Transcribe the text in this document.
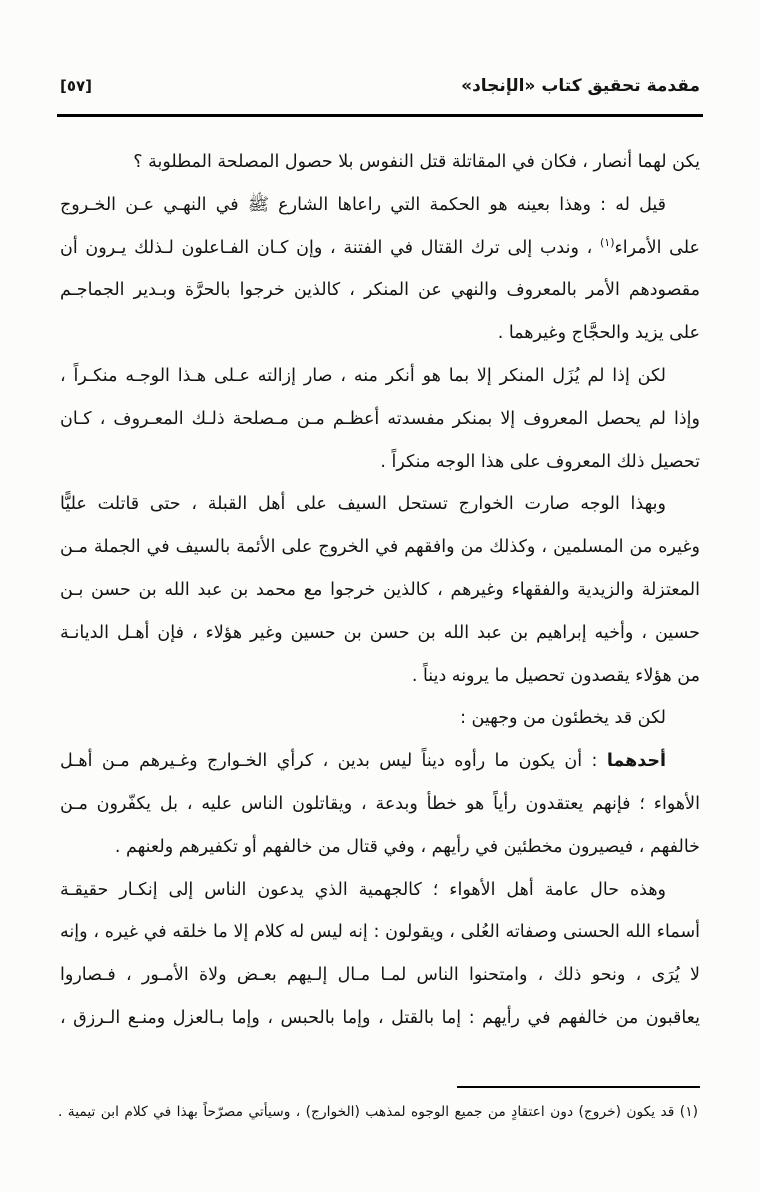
مقدمة تحقيق كتاب «الإنجاد»
[٥٧]
يكن لهما أنصار ، فكان في المقاتلة قتل النفوس بلا حصول المصلحة المطلوبة ؟
قيل له : وهذا بعينه هو الحكمة التي راعاها الشارع ﷺ في النهـي عـن الخـروج
على الأمراء$^{(١)}$ ، وندب إلى ترك القتال في الفتنة ، وإن كـان الفـاعلون لـذلك يـرون أن
مقصودهم الأمر بالمعروف والنهي عن المنكر ، كالذين خرجوا بالحرَّة وبـدير الجماجـم
على يزيد والحجَّاج وغيرهما .
لكن إذا لم يُزَل المنكر إلا بما هو أنكر منه ، صار إزالته عـلى هـذا الوجـه منكـراً ،
وإذا لم يحصل المعروف إلا بمنكر مفسدته أعظـم مـن مـصلحة ذلـك المعـروف ، كـان
تحصيل ذلك المعروف على هذا الوجه منكراً .
وبهذا الوجه صارت الخوارج تستحل السيف على أهل القبلة ، حتى قاتلت عليًّا
وغيره من المسلمين ، وكذلك من وافقهم في الخروج على الأئمة بالسيف في الجملة مـن
المعتزلة والزيدية والفقهاء وغيرهم ، كالذين خرجوا مع محمد بن عبد الله بن حسن بـن
حسين ، وأخيه إبراهيم بن عبد الله بن حسن بن حسين وغير هؤلاء ، فإن أهـل الديانـة
من هؤلاء يقصدون تحصيل ما يرونه ديناً .
لكن قد يخطئون من وجهين :
أحدهما : أن يكون ما رأوه ديناً ليس بدين ، كرأي الخـوارج وغـيرهم مـن أهـل
الأهواء ؛ فإنهم يعتقدون رأياً هو خطأ وبدعة ، ويقاتلون الناس عليه ، بل يكفّرون مـن
خالفهم ، فيصيرون مخطئين في رأيهم ، وفي قتال من خالفهم أو تكفيرهم ولعنهم .
وهذه حال عامة أهل الأهواء ؛ كالجهمية الذي يدعون الناس إلى إنكـار حقيقـة
أسماء الله الحسنى وصفاته العُلى ، ويقولون : إنه ليس له كلام إلا ما خلقه في غيره ، وإنه
لا يُرَى ، ونحو ذلك ، وامتحنوا الناس لمـا مـال إلـيهم بعـض ولاة الأمـور ، فـصاروا
يعاقبون من خالفهم في رأيهم : إما بالقتل ، وإما بالحبس ، وإما بـالعزل ومنـع الـرزق ،
(١) قد يكون (خروج) دون اعتقادٍ من جميع الوجوه لمذهب (الخوارج) ، وسيأتي مصرّحاً بهذا في كلام ابن تيمية .
